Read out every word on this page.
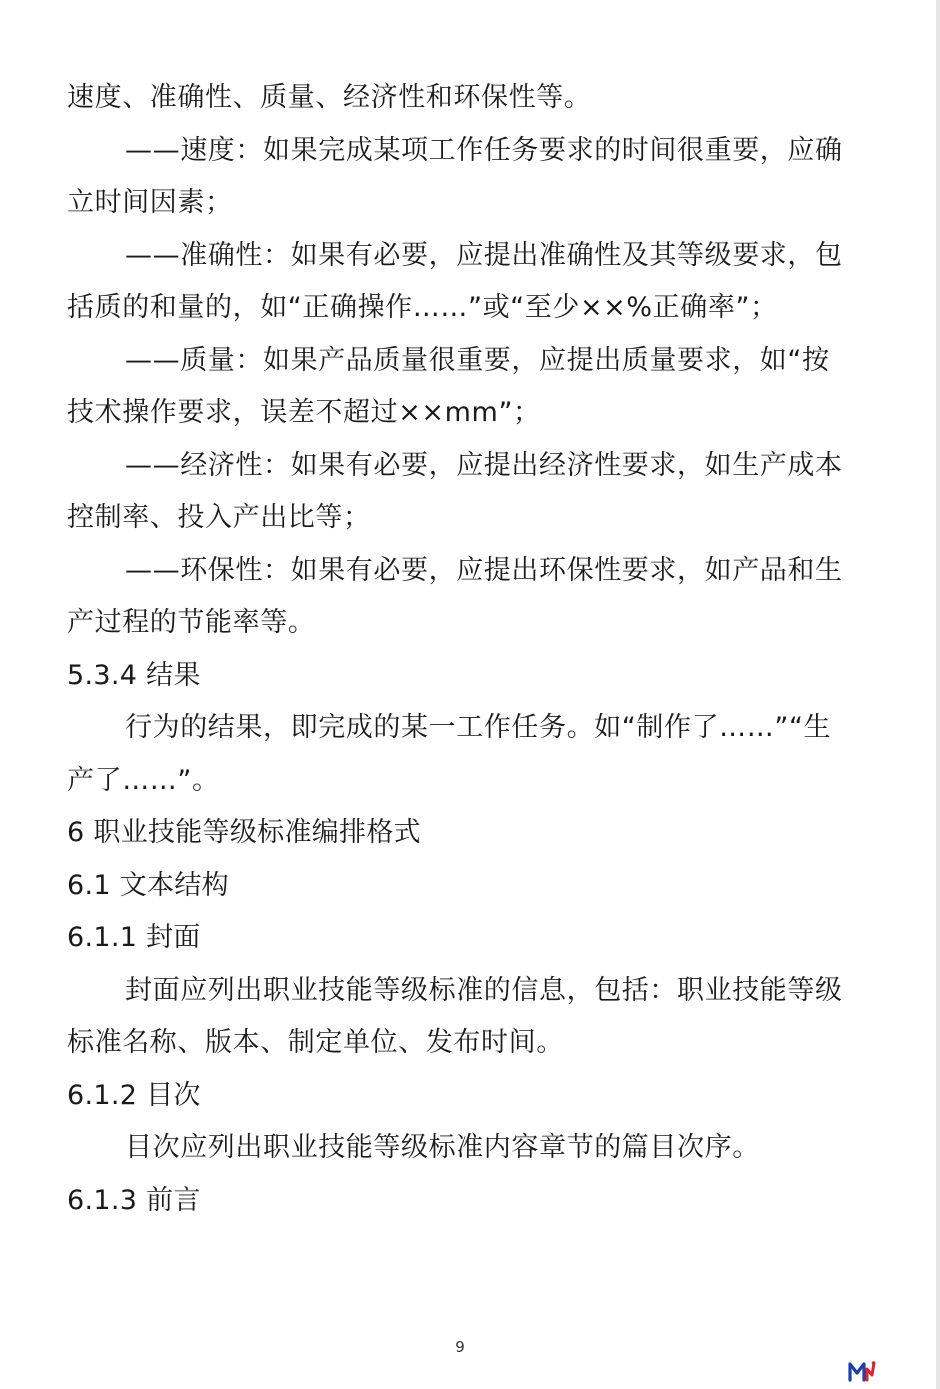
速度、准确性、质量、经济性和环保性等。
——速度：如果完成某项工作任务要求的时间很重要，应确
立时间因素；
——准确性：如果有必要，应提出准确性及其等级要求，包
括质的和量的，如“正确操作……”或“至少××%正确率”；
——质量：如果产品质量很重要，应提出质量要求，如“按
技术操作要求，误差不超过××mm”；
——经济性：如果有必要，应提出经济性要求，如生产成本
控制率、投入产出比等；
——环保性：如果有必要，应提出环保性要求，如产品和生
产过程的节能率等。
5.3.4 结果
行为的结果，即完成的某一工作任务。如“制作了……”“生
产了……”。
6 职业技能等级标准编排格式
6.1 文本结构
6.1.1 封面
封面应列出职业技能等级标准的信息，包括：职业技能等级
标准名称、版本、制定单位、发布时间。
6.1.2 目次
目次应列出职业技能等级标准内容章节的篇目次序。
6.1.3 前言
9
